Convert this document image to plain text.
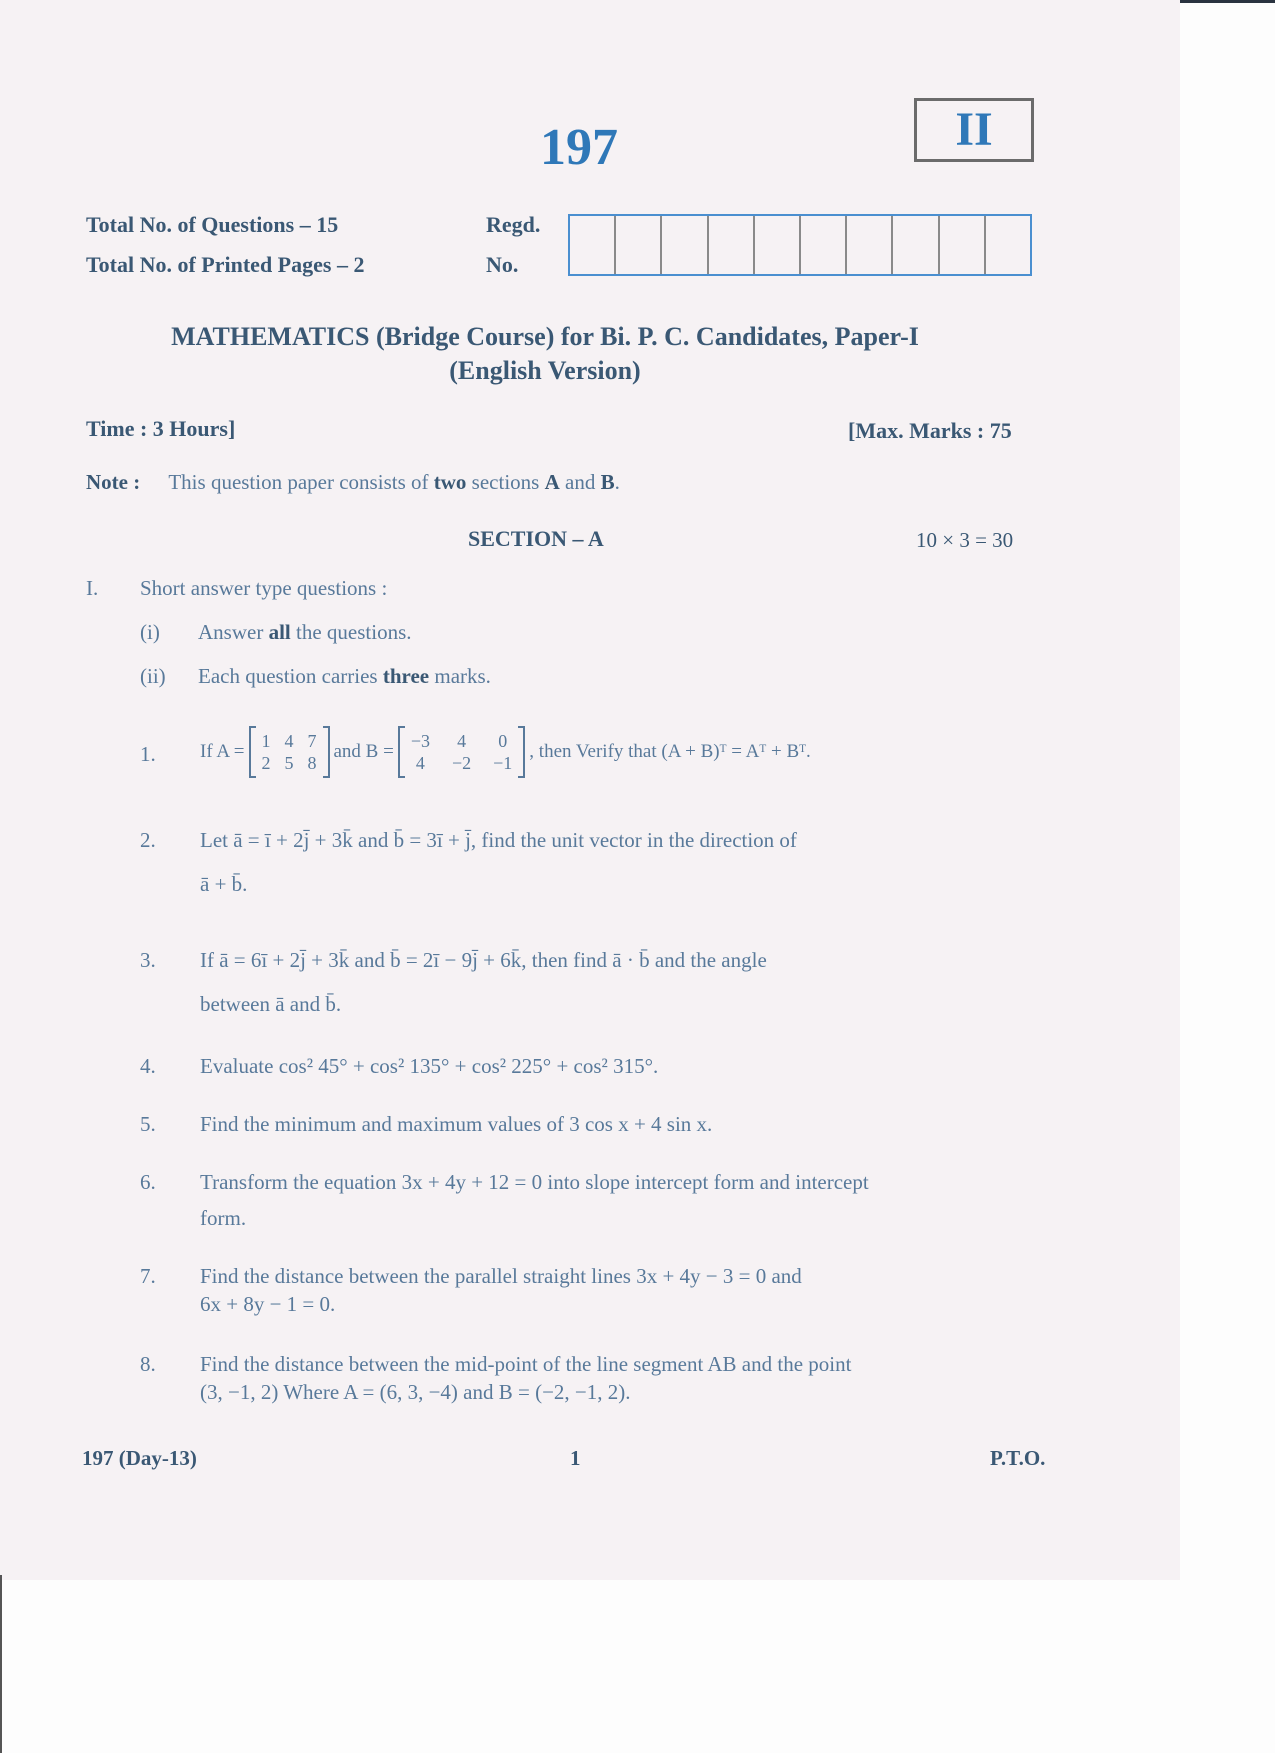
197	II
Total No. of Questions – 15
Total No. of Printed Pages – 2
Regd.
No.
MATHEMATICS (Bridge Course) for Bi. P. C. Candidates, Paper-I
(English Version)
Time : 3 Hours]	[Max. Marks : 75
Note : This question paper consists of two sections A and B.
SECTION – A	10 × 3 = 30
I. Short answer type questions :
(i) Answer all the questions.
(ii) Each question carries three marks.
1. If A = 1 4 7
2 5 8
and B = −3 4 0
4 −2 −1
, then Verify that (A + B)ᵀ = Aᵀ + Bᵀ.
2. Let ā = ī + 2j̄ + 3k̄ and b̄ = 3ī + j̄, find the unit vector in the direction of
ā + b̄.
3. If ā = 6ī + 2j̄ + 3k̄ and b̄ = 2ī − 9j̄ + 6k̄, then find ā · b̄ and the angle
between ā and b̄.
4. Evaluate cos² 45° + cos² 135° + cos² 225° + cos² 315°.
5. Find the minimum and maximum values of 3 cos x + 4 sin x.
6. Transform the equation 3x + 4y + 12 = 0 into slope intercept form and intercept
form.
7. Find the distance between the parallel straight lines 3x + 4y − 3 = 0 and
6x + 8y − 1 = 0.
8. Find the distance between the mid-point of the line segment AB and the point
(3, −1, 2) Where A = (6, 3, −4) and B = (−2, −1, 2).
197 (Day-13)	1	P.T.O.
